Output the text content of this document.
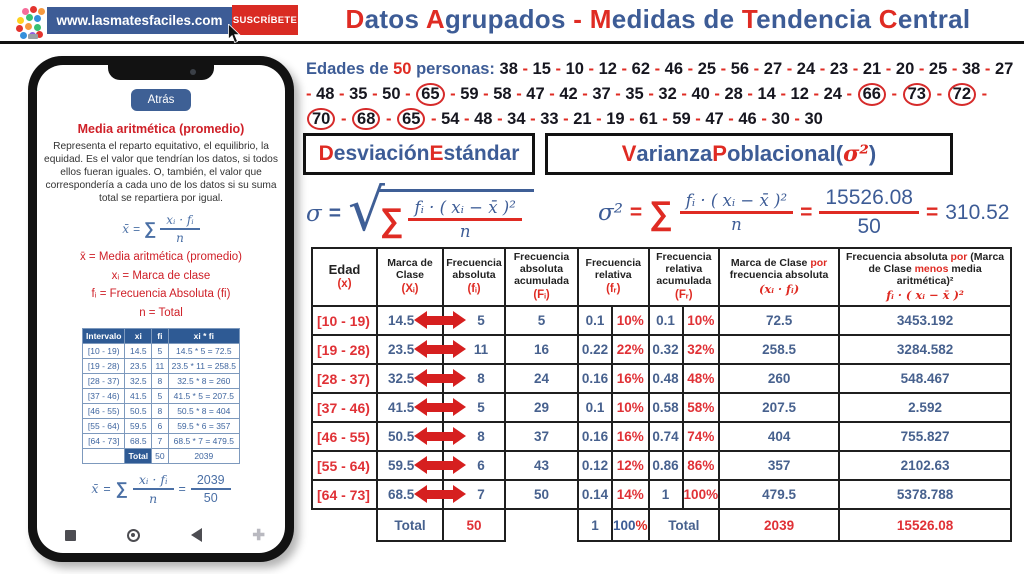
www.lasmatesfaciles.com	SUSCRÍBETE	Datos Agrupados - Medidas de Tendencia Central
Atrás
Media aritmética (promedio)
Representa el reparto equitativo, el equilibrio, la equidad. Es el valor que tendrían los datos, si todos ellos fueran iguales. O, también, el valor que correspondería a cada uno de los datos si su suma total se repartiera por igual.
x̄ = ∑ $\frac{\text{xᵢ · fᵢ}}{n}$
x̄ = Media aritmética (promedio)
xᵢ = Marca de clase
fᵢ = Frecuencia Absoluta (fi)
n = Total
Intervalo	xi	fi	xi * fi
[10 - 19)	14.5	5	14.5 * 5 = 72.5
[19 - 28)	23.5	11	23.5 * 11 = 258.5
[28 - 37)	32.5	8	32.5 * 8 = 260
[37 - 46)	41.5	5	41.5 * 5 = 207.5
[46 - 55)	50.5	8	50.5 * 8 = 404
[55 - 64)	59.5	6	59.5 * 6 = 357
[64 - 73]	68.5	7	68.5 * 7 = 479.5
	Total	50	2039
x̄ = ∑ $\frac{\text{xᵢ · fᵢ}}{n} = \frac{2039}{50}$
✚
Edades de 50 personas: 38 - 15 - 10 - 12 - 62 - 46 - 25 - 56 - 27 - 24 - 23 - 21 - 20 - 25 - 38 - 27 - 48 - 35 - 50 - 65 - 59 - 58 - 47 - 42 - 37 - 35 - 32 - 40 - 28 - 14 - 12 - 24 - 66 - 73 - 72 - 70 - 68 - 65 - 54 - 48 - 34 - 33 - 21 - 19 - 61 - 59 - 47 - 46 - 30 - 30
D esviación E stándar	V arianza P oblacional ( σ² )
σ = √
∑ $\frac{\text{fᵢ · ( xᵢ − x̄ )²}}{n}$	σ² = ∑ $\frac{\text{fᵢ · ( xᵢ − x̄ )²}}{n} = \frac{15526.08}{50} = 310.52$
Edad
(x)

Marca de Clase
(Xᵢ)

Frecuencia absoluta
(fᵢ)

Frecuencia absoluta acumulada
(Fᵢ)

Frecuencia relativa
(fᵣ)

Frecuencia relativa acumulada
(Fᵣ)

Marca de Clase por frecuencia absoluta
(xᵢ · fᵢ)

Frecuencia absoluta por (Marca de Clase menos media aritmética)²
fᵢ · ( xᵢ − x̄ )²

[10 - 19)	14.5	5	5	0.1	10%	0.1	10%	72.5	3453.192
[19 - 28)	23.5	11	16	0.22	22%	0.32	32%	258.5	3284.582
[28 - 37)	32.5	8	24	0.16	16%	0.48	48%	260	548.467
[37 - 46)	41.5	5	29	0.1	10%	0.58	58%	207.5	2.592
[46 - 55)	50.5	8	37	0.16	16%	0.74	74%	404	755.827
[55 - 64)	59.5	6	43	0.12	12%	0.86	86%	357	2102.63
[64 - 73]	68.5	7	50	0.14	14%	1	100%	479.5	5378.788
	Total	50		1	100%	Total		2039	15526.08
